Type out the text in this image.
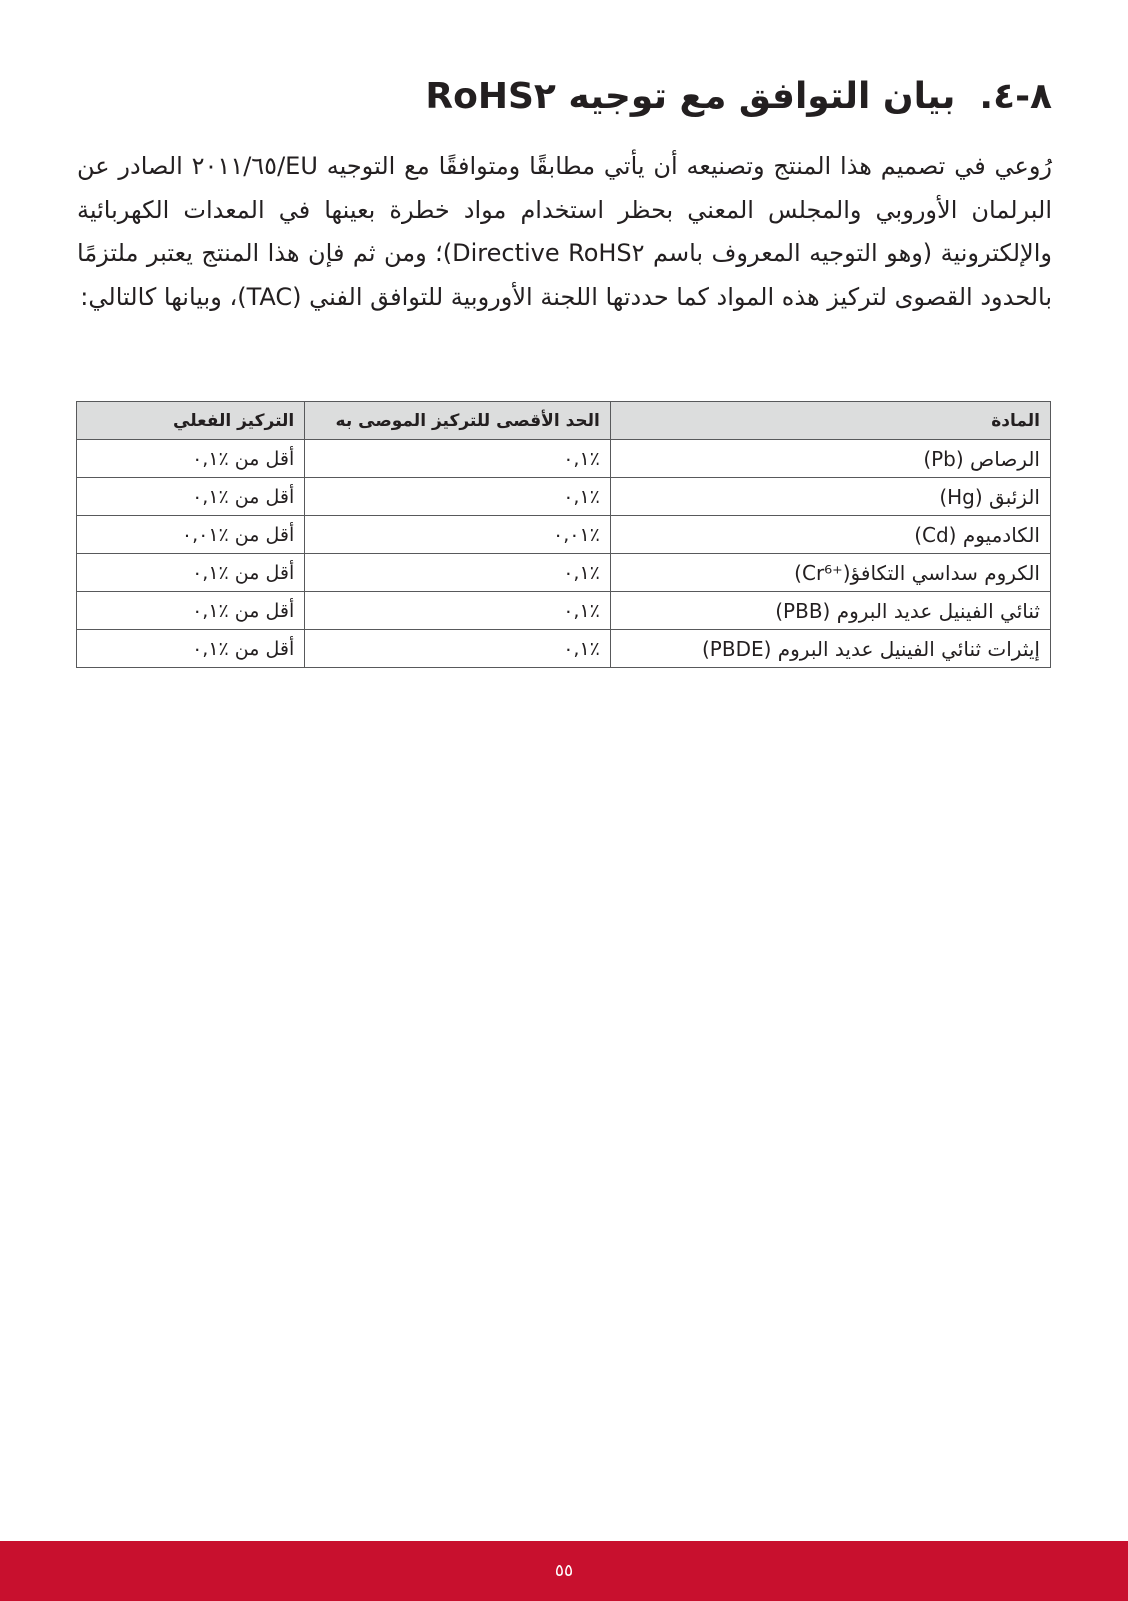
٨-٤.بيان التوافق مع توجيه RoHS٢

رُوعي في تصميم هذا المنتج وتصنيعه أن يأتي مطابقًا ومتوافقًا مع التوجيه EU/٢٠١١/٦٥ الصادر عن البرلمان الأوروبي والمجلس المعني بحظر استخدام مواد خطرة بعينها في المعدات الكهربائية والإلكترونية (وهو التوجيه المعروف باسم Directive RoHS٢)؛ ومن ثم فإن هذا المنتج يعتبر ملتزمًا بالحدود القصوى لتركيز هذه المواد كما حددتها اللجنة الأوروبية للتوافق الفني (TAC)، وبيانها كالتالي:

المادة	الحد الأقصى للتركيز الموصى به	التركيز الفعلي
الرصاص (Pb)	٪٠,١	أقل من ٪٠,١
الزئبق (Hg)	٪٠,١	أقل من ٪٠,١
الكادميوم (Cd)	٪٠,٠١	أقل من ٪٠,٠١
الكروم سداسي التكافؤ(Cr⁶⁺)	٪٠,١	أقل من ٪٠,١
ثنائي الفينيل عديد البروم (PBB)	٪٠,١	أقل من ٪٠,١
إيثرات ثنائي الفينيل عديد البروم (PBDE)	٪٠,١	أقل من ٪٠,١
٥٥
